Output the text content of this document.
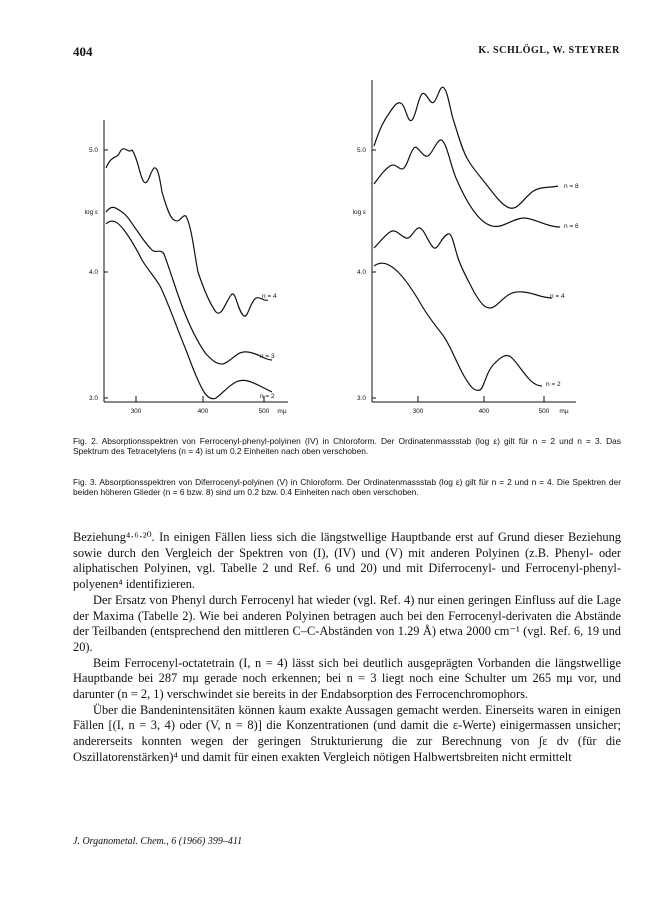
404	K. SCHLÖGL, W. STEYRER
5.0
log ε
4.0
3.0
300	400	500 mμ
n = 4
n = 3
n = 2
5.0
log ε
4.0
3.0
300	400	500 mμ
n = 8
n = 6
n = 4
n = 2

Fig. 2. Absorptionsspektren von Ferrocenyl-phenyl-polyinen (IV) in Chloroform. Der Ordinatenmassstab (log ε) gilt für n = 2 und n = 3. Das Spektrum des Tetracetylens (n = 4) ist um 0.2 Einheiten nach oben verschoben.

Fig. 3. Absorptionsspektren von Diferrocenyl-polyinen (V) in Chloroform. Der Ordinatenmassstab (log ε) gilt für n = 2 und n = 4. Die Spektren der beiden höheren Glieder (n = 6 bzw. 8) sind um 0.2 bzw. 0.4 Einheiten nach oben verschoben.

Beziehung⁴·⁶·²⁰. In einigen Fällen liess sich die längstwellige Hauptbande erst auf Grund dieser Beziehung sowie durch den Vergleich der Spektren von (I), (IV) und (V) mit anderen Polyinen (z.B. Phenyl- oder aliphatischen Polyinen, vgl. Tabelle 2 und Ref. 6 und 20) und mit Diferrocenyl- und Ferrocenyl-phenyl-polyenen⁴ identifizieren.

Der Ersatz von Phenyl durch Ferrocenyl hat wieder (vgl. Ref. 4) nur einen geringen Einfluss auf die Lage der Maxima (Tabelle 2). Wie bei anderen Polyinen betragen auch bei den Ferrocenyl-derivaten die Abstände der Teilbanden (entsprechend den mittleren C–C-Abständen von 1.29 Å) etwa 2000 cm⁻¹ (vgl. Ref. 6, 19 und 20).

Beim Ferrocenyl-octatetrain (I, n = 4) lässt sich bei deutlich ausgeprägten Vorbanden die längstwellige Hauptbande bei 287 mμ gerade noch erkennen; bei n = 3 liegt noch eine Schulter um 265 mμ vor, und darunter (n = 2, 1) verschwindet sie bereits in der Endabsorption des Ferrocenchromophors.

Über die Bandenintensitäten können kaum exakte Aussagen gemacht werden. Einerseits waren in einigen Fällen [(I, n = 3, 4) oder (V, n = 8)] die Konzentrationen (und damit die ε-Werte) einigermassen unsicher; andererseits konnten wegen der geringen Strukturierung die zur Berechnung von ∫ε dν (für die Oszillatorenstärken)⁴ und damit für einen exakten Vergleich nötigen Halbwertsbreiten nicht ermittelt

J. Organometal. Chem., 6 (1966) 399–411
